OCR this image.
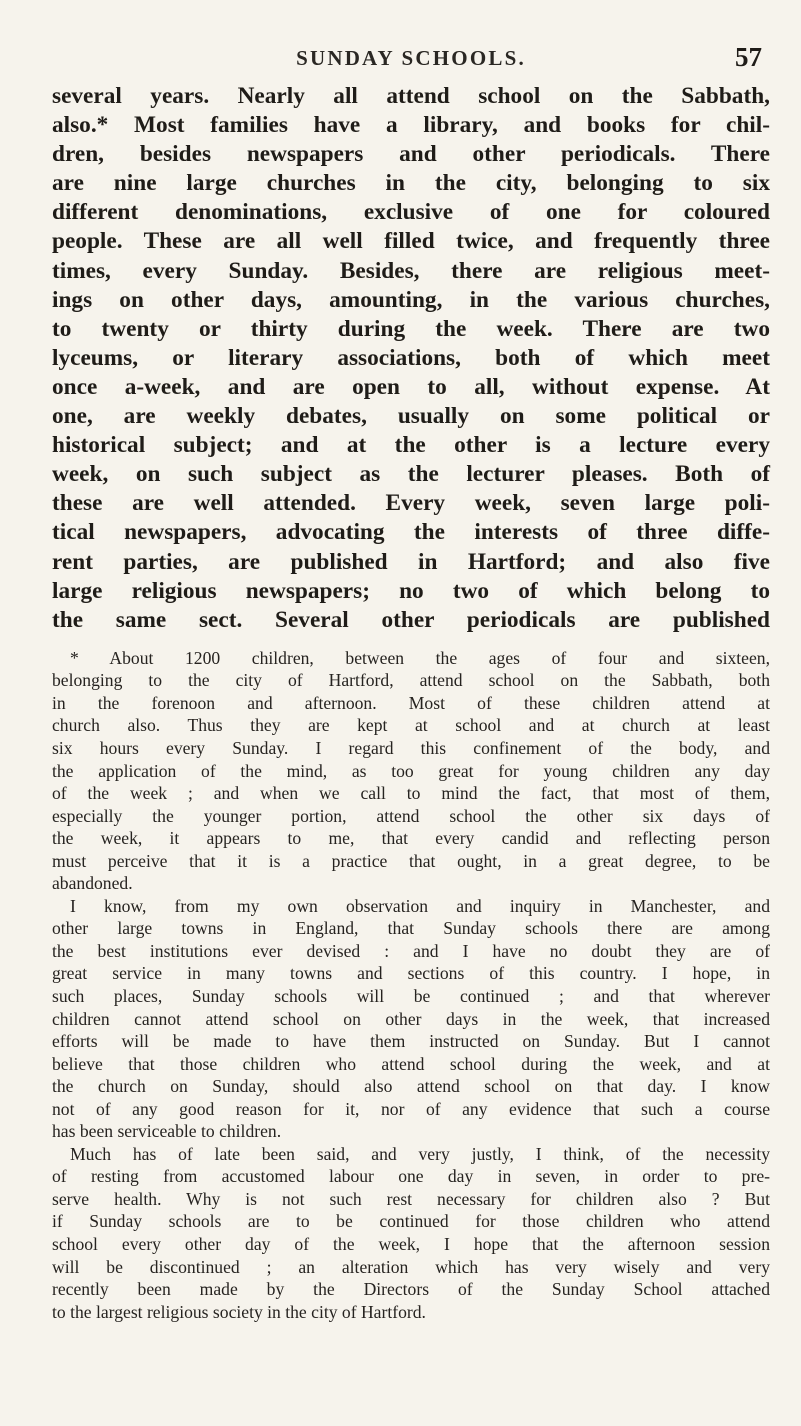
SUNDAY SCHOOLS.	57
several years. Nearly all attend school on the Sabbath,
also.* Most families have a library, and books for chil-
dren, besides newspapers and other periodicals. There
are nine large churches in the city, belonging to six
different denominations, exclusive of one for coloured
people. These are all well filled twice, and frequently three
times, every Sunday. Besides, there are religious meet-
ings on other days, amounting, in the various churches,
to twenty or thirty during the week. There are two
lyceums, or literary associations, both of which meet
once a-week, and are open to all, without expense. At
one, are weekly debates, usually on some political or
historical subject; and at the other is a lecture every
week, on such subject as the lecturer pleases. Both of
these are well attended. Every week, seven large poli-
tical newspapers, advocating the interests of three diffe-
rent parties, are published in Hartford; and also five
large religious newspapers; no two of which belong to
the same sect. Several other periodicals are published
* About 1200 children, between the ages of four and sixteen,
belonging to the city of Hartford, attend school on the Sabbath, both
in the forenoon and afternoon. Most of these children attend at
church also. Thus they are kept at school and at church at least
six hours every Sunday. I regard this confinement of the body, and
the application of the mind, as too great for young children any day
of the week ; and when we call to mind the fact, that most of them,
especially the younger portion, attend school the other six days of
the week, it appears to me, that every candid and reflecting person
must perceive that it is a practice that ought, in a great degree, to be
abandoned.
I know, from my own observation and inquiry in Manchester, and
other large towns in England, that Sunday schools there are among
the best institutions ever devised : and I have no doubt they are of
great service in many towns and sections of this country. I hope, in
such places, Sunday schools will be continued ; and that wherever
children cannot attend school on other days in the week, that increased
efforts will be made to have them instructed on Sunday. But I cannot
believe that those children who attend school during the week, and at
the church on Sunday, should also attend school on that day. I know
not of any good reason for it, nor of any evidence that such a course
has been serviceable to children.
Much has of late been said, and very justly, I think, of the necessity
of resting from accustomed labour one day in seven, in order to pre-
serve health. Why is not such rest necessary for children also ? But
if Sunday schools are to be continued for those children who attend
school every other day of the week, I hope that the afternoon session
will be discontinued ; an alteration which has very wisely and very
recently been made by the Directors of the Sunday School attached
to the largest religious society in the city of Hartford.
